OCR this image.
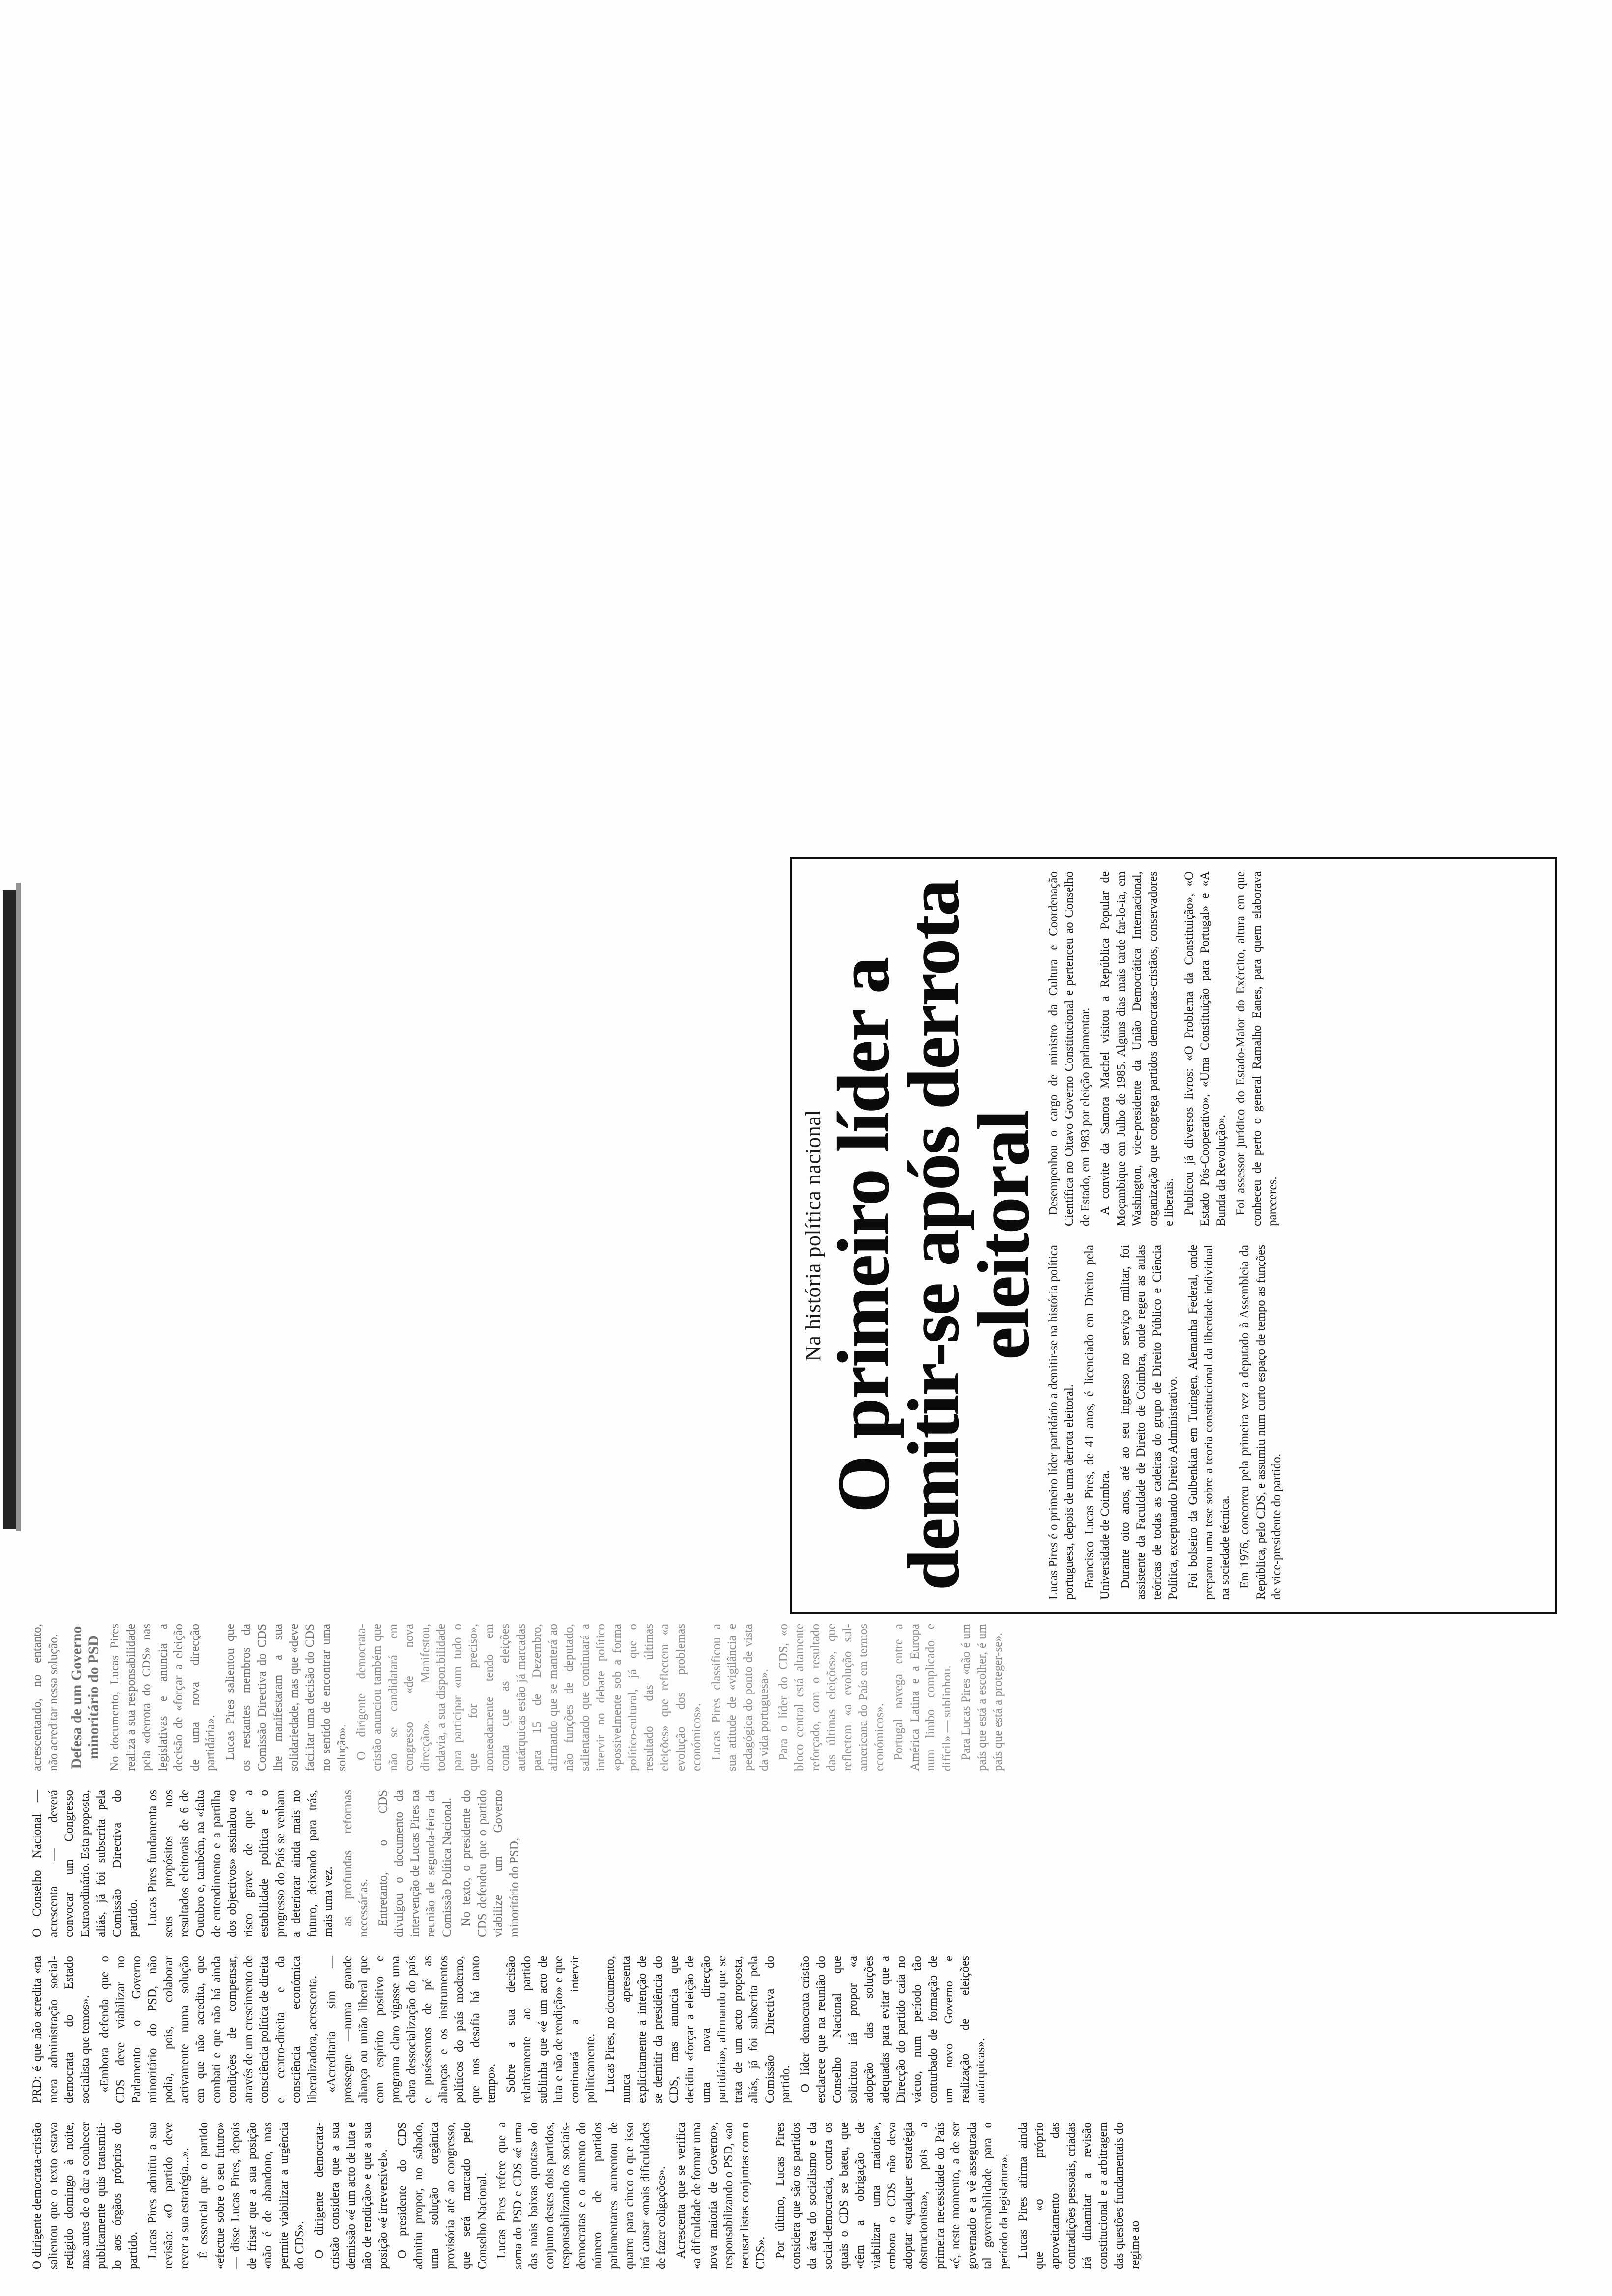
O dirigente democrata-cristão salientou que o texto estava redigido domingo à noite, mas antes de o dar a conhecer publicamente quis transmiti-lo aos órgãos próprios do partido. Lucas Pires admitiu a sua revisão: «O partido deve rever a sua estratégia...». É essencial que o partido «efectue sobre o seu futuro» — disse Lucas Pires, depois de frisar que a sua posição «não é de abandono, mas permite viabilizar a urgência do CDS». O dirigente democrata-cristão considera que a sua demissão «é um acto de luta e não de rendição» e que a sua posição «é irreversível». O presidente do CDS admitiu propor, no sábado, uma solução orgânica provisória até ao congresso, que será marcado pelo Conselho Nacional. Lucas Pires refere que a soma do PSD e CDS «é uma das mais baixas quotas» do conjunto destes dois partidos, responsabilizando os sociais-democratas e o aumento do número de partidos parlamentares aumentou de quatro para cinco o que isso irá causar «mais dificuldades de fazer coligações». Acrescenta que se verifica «a dificuldade de formar uma nova maioria de Governo», responsabilizando o PSD, «ao recusar listas conjuntas com o CDS». Por último, Lucas Pires considera que são os partidos da área do socialismo e da social-democracia, contra os quais o CDS se bateu, que «têm a obrigação de viabilizar uma maioria», embora o CDS não deva adoptar «qualquer estratégia obstrucionista», pois a primeira necessidade do País «é, neste momento, a de ser governado e a vê assegurada tal governabilidade para o período da legislatura». Lucas Pires afirma ainda que «o próprio aproveitamento das contradições pessoais, criadas irá dinamitar a revisão constitucional e a arbitragem das questões fundamentais do regime ao

PRD: é que não acredita «na mera administração social-democrata do Estado socialista que temos». «Embora defenda que o CDS deve viabilizar no Parlamento o Governo minoritário do PSD, não podia, pois, colaborar activamente numa solução em que não acredita, que combati e que não há ainda condições de compensar, através de um crescimento de consciência política de direita e centro-direita e da consciência económica liberalizadora, acrescenta. «Acreditaria sim — prossegue —numa grande aliança ou união liberal que com espírito positivo e programa claro vigasse uma clara dessocialização do país e puséssemos de pé as alianças e os instrumentos políticos do país moderno, que nos desafia há tanto tempo». Sobre a sua decisão relativamente ao partido sublinha que «é um acto de luta e não de rendição» e que continuará a intervir politicamente. Lucas Pires, no documento, nunca apresenta explicitamente a intenção de se demitir da presidência do CDS, mas anuncia que decidiu «forçar a eleição de uma nova direcção partidária», afirmando que se trata de um acto proposta, aliás, já foi subscrita pela Comissão Directiva do partido. O líder democrata-cristão esclarece que na reunião do Conselho Nacional que solicitou irá propor «a adopção das soluções adequadas para evitar que a Direcção do partido caia no vácuo, num período tão conturbado de formação de um novo Governo e realização de eleições autárquicas».

O Conselho Nacional — acrescenta — deverá convocar um Congresso Extraordinário. Esta proposta, aliás, já foi subscrita pela Comissão Directiva do partido. Lucas Pires fundamenta os seus propósitos nos resultados eleitorais de 6 de Outubro e, também, na «falta de entendimento e a partilha dos objectivos» assinalou «o risco grave de que a estabilidade política e o progresso do País se venham a deteriorar ainda mais no futuro, deixando para trás, mais uma vez. as profundas reformas necessárias. Entretanto, o CDS divulgou o documento da intervenção de Lucas Pires na reunião de segunda-feira da Comissão Política Nacional. No texto, o presidente do CDS defendeu que o partido viabilize um Governo minoritário do PSD,

acrescentando, no entanto, não acreditar nessa solução. Defesa de um Governo minoritário do PSD No documento, Lucas Pires realiza a sua responsabilidade pela «derrota do CDS» nas legislativas e anuncia a decisão de «forçar a eleição de uma nova direcção partidária». Lucas Pires salientou que os restantes membros da Comissão Directiva do CDS lhe manifestaram a sua solidariedade, mas que «deve facilitar uma decisão do CDS no sentido de encontrar uma solução». O dirigente democrata-cristão anunciou também que não se candidatará em congresso «de nova direcção». Manifestou, todavia, a sua disponibilidade para participar «um tudo o que for preciso», nomeadamente tendo em conta que as eleições autárquicas estão já marcadas para 15 de Dezembro, afirmando que se manterá ao não funções de deputado, salientando que continuará a intervir no debate político «possivelmente sob a forma político-cultural, já que o resultado das últimas eleições» que reflectem «a evolução dos problemas económicos». Lucas Pires classificou a sua atitude de «vigilância e pedagógica do ponto de vista da vida portuguesa». Para o líder do CDS, «o bloco central está altamente reforçado, com o resultado das últimas eleições», que reflectem «a evolução sul-americana do País em termos económicos». Portugal navega entre a América Latina e a Europa num limbo complicado e difícil» — sublinhou. Para Lucas Pires «não é um país que está a escolher, é um país que está a proteger-se».

Na história política nacional
O primeiro líder a demitir-se após derrota eleitoral

Lucas Pires é o primeiro líder partidário a demitir-se na história política portuguesa, depois de uma derrota eleitoral. Francisco Lucas Pires, de 41 anos, é licenciado em Direito pela Universidade de Coimbra. Durante oito anos, até ao seu ingresso no serviço militar, foi assistente da Faculdade de Direito de Coimbra, onde regeu as aulas teóricas de todas as cadeiras do grupo de Direito Público e Ciência Política, exceptuando Direito Administrativo. Foi bolseiro da Gulbenkian em Turingen, Alemanha Federal, onde preparou uma tese sobre a teoria constitucional da liberdade individual na sociedade técnica. Em 1976, concorreu pela primeira vez a deputado à Assembleia da República, pelo CDS, e assumiu num curto espaço de tempo as funções de vice-presidente do partido.

Desempenhou o cargo de ministro da Cultura e Coordenação Científica no Oitavo Governo Constitucional e pertenceu ao Conselho de Estado, em 1983 por eleição parlamentar. A convite da Samora Machel visitou a República Popular de Moçambique em Julho de 1985. Alguns dias mais tarde far-lo-ia, em Washington, vice-presidente da União Democrática Internacional, organização que congrega partidos democratas-cristãos, conservadores e liberais. Publicou já diversos livros: «O Problema da Constituição», «O Estado Pós-Cooperativo», «Uma Constituição para Portugal» e «A Bunda da Revolução». Foi assessor jurídico do Estado-Maior do Exército, altura em que conheceu de perto o general Ramalho Eanes, para quem elaborava pareceres.
